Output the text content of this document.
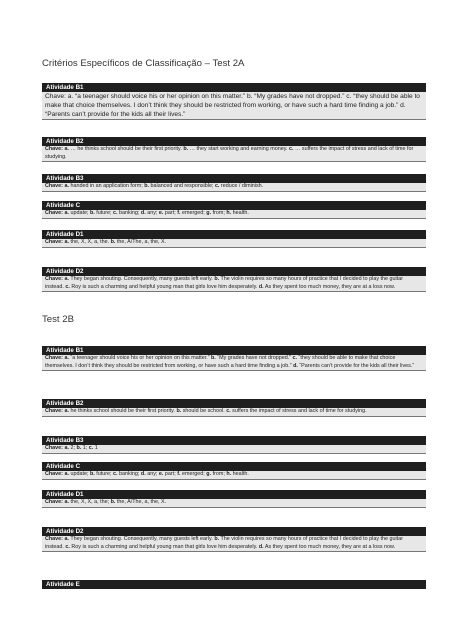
Critérios Específicos de Classificação – Test 2A
Atividade B1
Chave: a. “a teenager should voice his or her opinion on this matter.” b. “My grades have not dropped.” c. “they should be able to make that choice themselves. I don’t think they should be restricted from working, or have such a hard time finding a job.” d. “Parents can’t provide for the kids all their lives.”
Atividade B2
Chave: a. … he thinks school should be their first priority. b. … they start working and earning money. c. … suffers the impact of stress and lack of time for studying.
Atividade B3
Chave: a. handed in an application form; b. balanced and responsible; c. reduce / diminish.
Atividade C
Chave: a. update; b. future; c. banking; d. any; e. part; f. emerged; g. from; h. health.
Atividade D1
Chave: a. the, X, X, a, the. b. the, A/The, a, the, X.
Atividade D2
Chave: a. They began shouting. Consequently, many guests left early. b. The violin requires so many hours of practice that I decided to play the guitar instead. c. Roy is such a charming and helpful young man that girls love him desperately. d. As they spent too much money, they are at a loss now.
Test 2B
Atividade B1
Chave: a. “a teenager should voice his or her opinion on this matter.” b. “My grades have not dropped.” c. “they should be able to make that choice themselves. I don’t think they should be restricted from working, or have such a hard time finding a job.” d. “Parents can’t provide for the kids all their lives.”
Atividade B2
Chave: a. he thinks school should be their first priority. b. should be school. c. suffers the impact of stress and lack of time for studying.
Atividade B3
Chave: a. 2; b. 1; c. 1
Atividade C
Chave: a. update; b. future; c. banking; d. any; e. part; f. emerged; g. from; h. health.
Atividade D1
Chave: a. the, X, X, a, the; b. the, A/The, a, the, X.
Atividade D2
Chave: a. They began shouting. Consequently, many guests left early. b. The violin requires so many hours of practice that I decided to play the guitar instead. c. Roy is such a charming and helpful young man that girls love him desperately. d. As they spent too much money, they are at a loss now.
Atividade E
